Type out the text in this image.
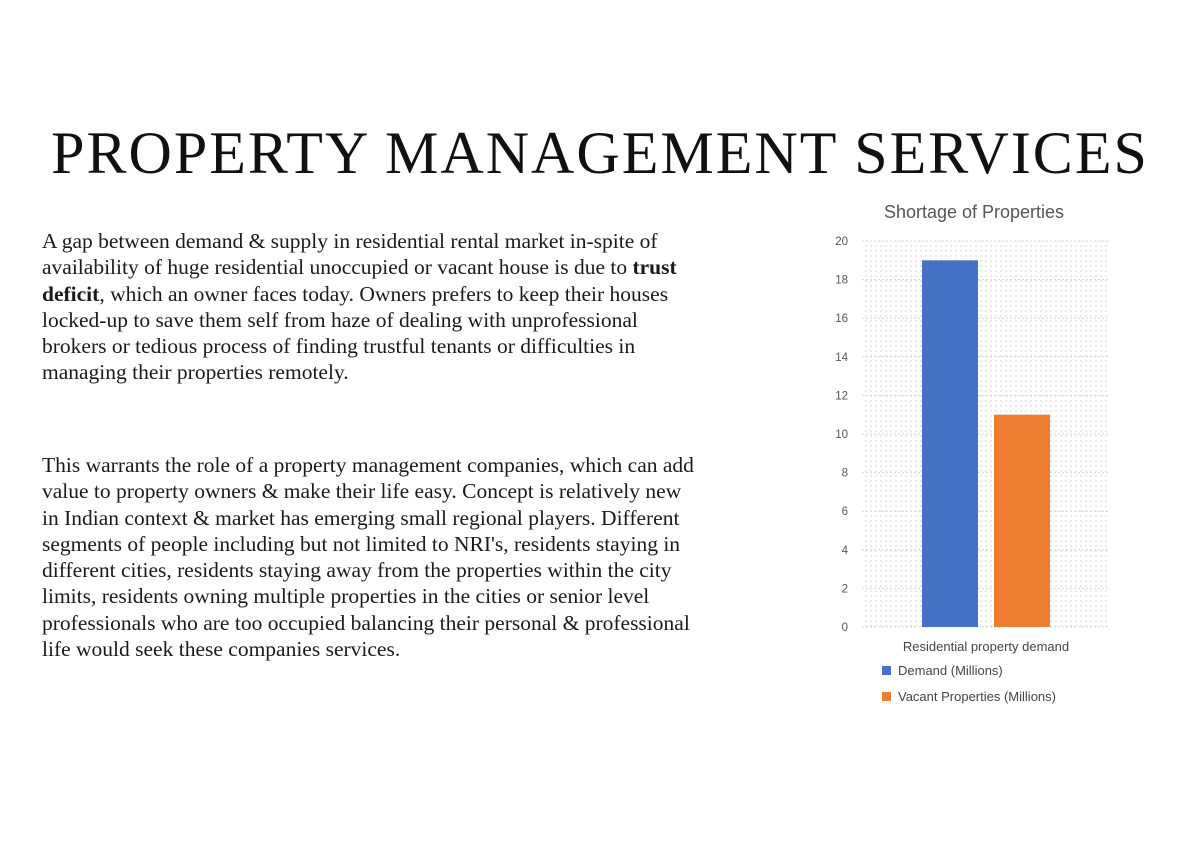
PROPERTY MANAGEMENT SERVICES

A gap between demand & supply in residential rental market in-spite of availability of huge residential unoccupied or vacant house is due to trust deficit, which an owner faces today. Owners prefers to keep their houses locked-up to save them self from haze of dealing with unprofessional brokers or tedious process of finding trustful tenants or difficulties in managing their properties remotely.

This warrants the role of a property management companies, which can add value to property owners & make their life easy. Concept is relatively new in Indian context & market has emerging small regional players. Different segments of people including but not limited to NRI's, residents staying in different cities, residents staying away from the properties within the city limits, residents owning multiple properties in the cities or senior level professionals who are too occupied balancing their personal & professional life would seek these companies services.

Shortage of Properties
0
2
4
6
8
10
12
14
16
18
20
Residential property demand
Demand (Millions)
Vacant Properties (Millions)
